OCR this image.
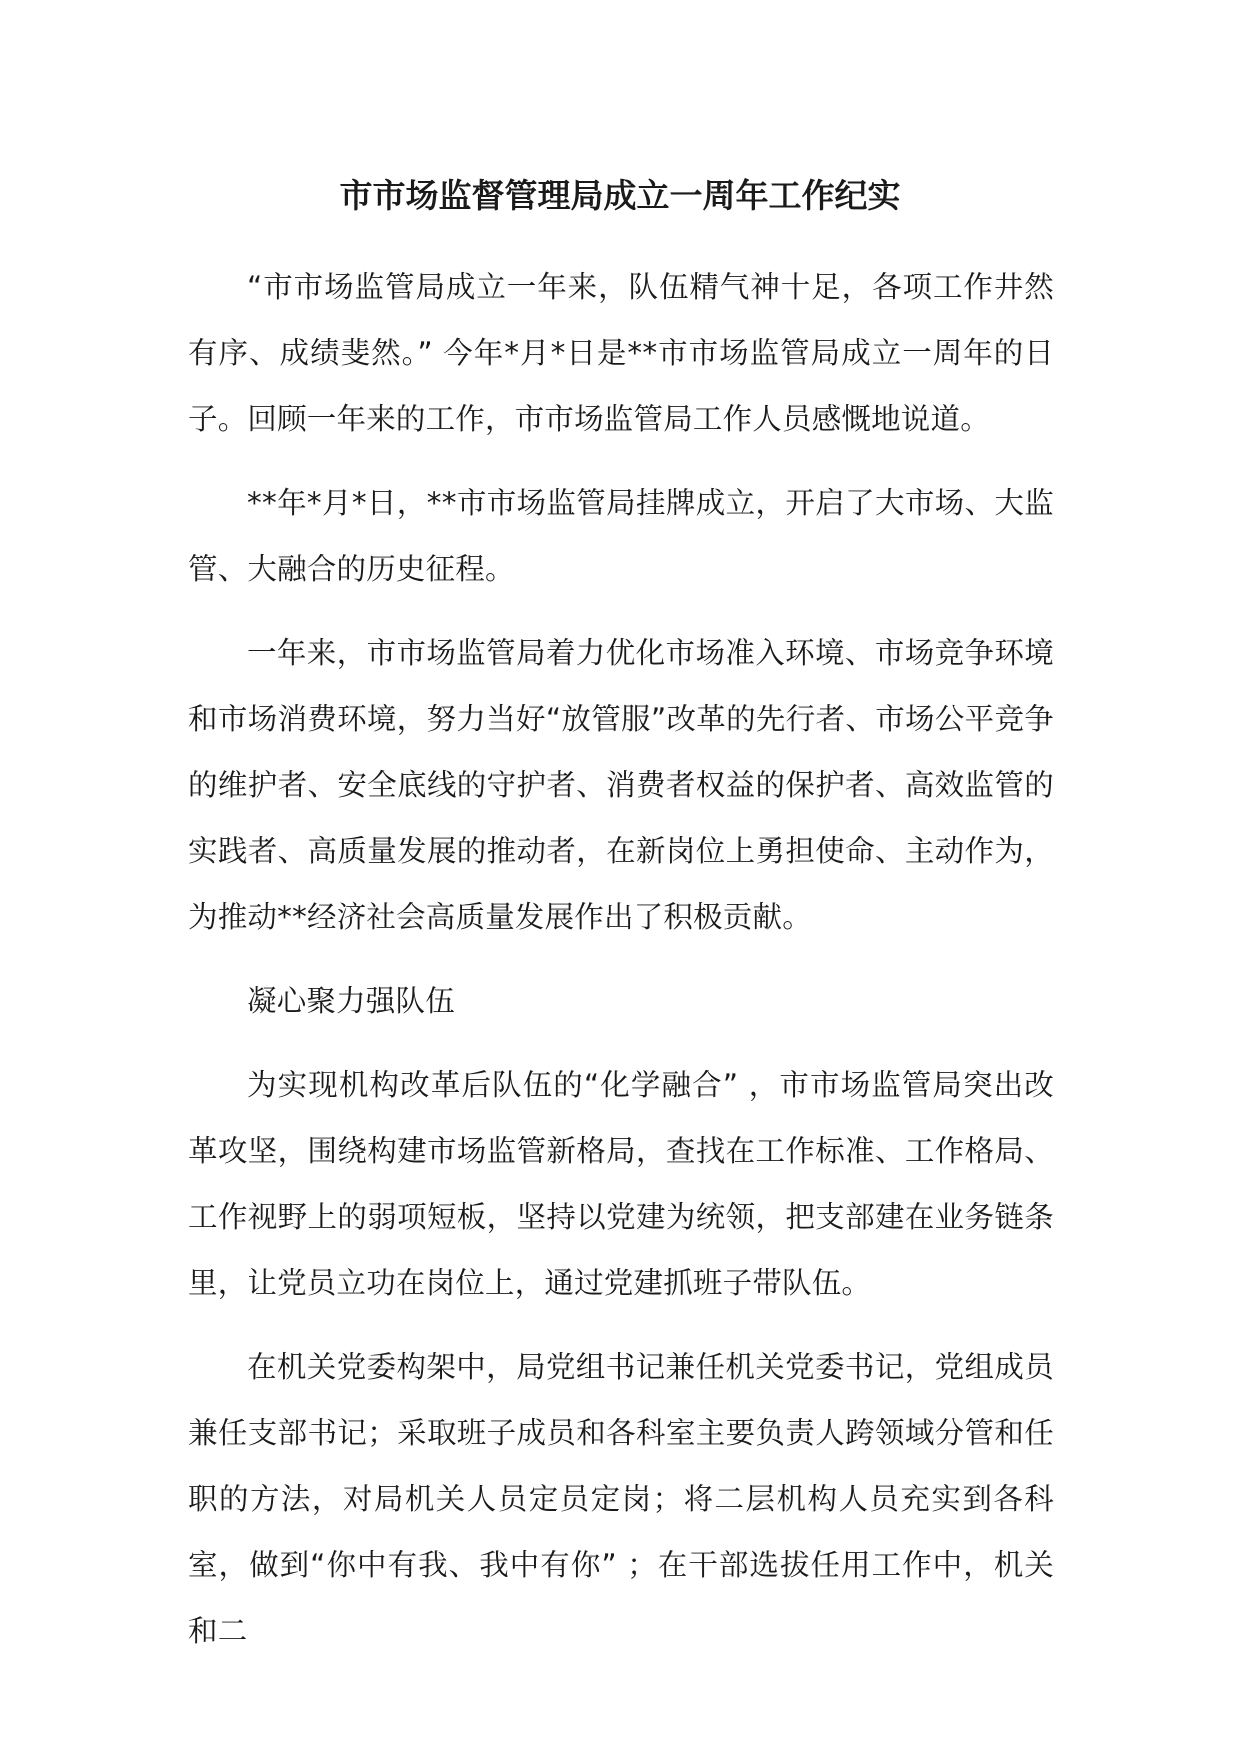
市市场监督管理局成立一周年工作纪实

“市市场监管局成立一年来，队伍精气神十足，各项工作井然有序、成绩斐然。” 今年*月*日是**市市场监管局成立一周年的日子。回顾一年来的工作，市市场监管局工作人员感慨地说道。

**年*月*日，**市市场监管局挂牌成立，开启了大市场、大监管、大融合的历史征程。

一年来，市市场监管局着力优化市场准入环境、市场竞争环境和市场消费环境，努力当好“放管服”改革的先行者、市场公平竞争的维护者、安全底线的守护者、消费者权益的保护者、高效监管的实践者、高质量发展的推动者，在新岗位上勇担使命、主动作为，为推动**经济社会高质量发展作出了积极贡献。

凝心聚力强队伍

为实现机构改革后队伍的“化学融合” ，市市场监管局突出改革攻坚，围绕构建市场监管新格局，查找在工作标准、工作格局、工作视野上的弱项短板，坚持以党建为统领，把支部建在业务链条里，让党员立功在岗位上，通过党建抓班子带队伍。

在机关党委构架中，局党组书记兼任机关党委书记，党组成员兼任支部书记；采取班子成员和各科室主要负责人跨领域分管和任职的方法，对局机关人员定员定岗；将二层机构人员充实到各科室，做到“你中有我、我中有你” ；在干部选拔任用工作中，机关和二
